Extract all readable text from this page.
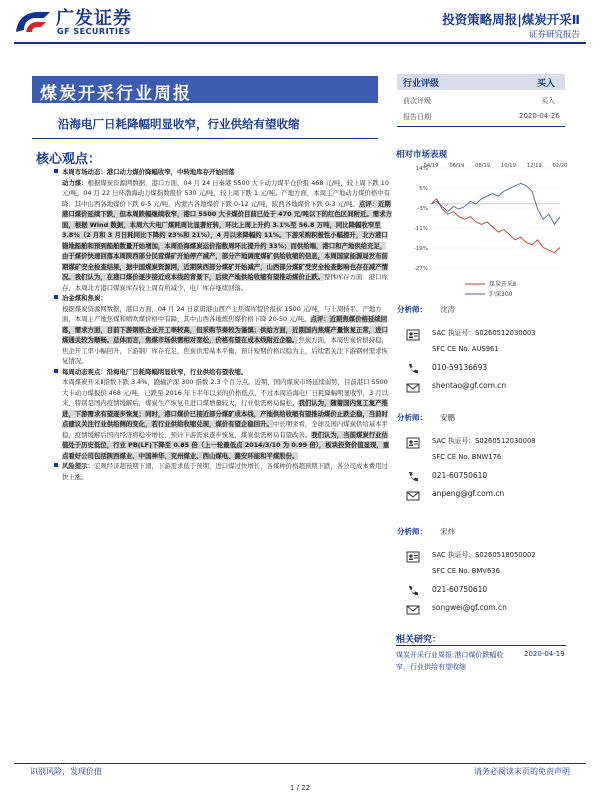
广发证券
GF SECURITIES
投资策略周报|煤炭开采Ⅱ
证券研究报告
煤炭开采行业周报
沿海电厂日耗降幅明显收窄，行业供给有望收缩
核心观点：
本周市场动态：港口动力煤价降幅收窄，中转地库存开始回落
动力煤：根据煤炭资源网数据，港口方面，04 月 24 日秦港 5500 大卡动力煤平仓价报 468 元/吨，较上周下跌 10 元/吨，04 月 22 日环渤海动力煤指数报价 530 元/吨，较上周下跌 1 元/吨。产地方面，本周主产地动力煤价格中有降；其中山西各地煤价下跌 0-5 元/吨，内蒙古各地煤价下跌 0-12 元/吨，陕西各地煤价下跌 0-3 元/吨。点评：近期港口煤价延续下跌，但本周跌幅继续收窄，港口 5500 大卡煤价目前已处于 470 元/吨以下的红色区间附近。需求方面，根据 Wind 数据，本周六大电厂煤耗周比显著好转，环比上周上升约 3.1%至 56.8 万吨，同比降幅收窄至 3.8%（2 月和 3 月日耗同比下降约 23%和 21%），4 月以来降幅约 11%。下游采购积极性小幅提升，北方港口锚地船舶和预到船舶数量开始增加，本周沿海煤炭运价指数周环比提升约 33%；而供给端，港口和产地供给充足，由于煤价快速回落本周陕西部分民营煤矿开始停产减产，部分产地调度煤矿供给收缩的信息，本周国家能源局发布前期煤矿安全检查结果，据中国煤炭资源网，近期陕西部分煤矿开始减产，山西部分煤矿受安全检查影响也存在减产情况。我们认为，在港口煤价逐步接近成本线的背景下，后续产地供给收缩有望推动煤价止跌。整体库存方面：港口库存，本周北方港口煤炭库存较上周有所减少，电厂库存继续回落。
冶金煤和焦炭：
根据煤炭资源网数据，港口方面，04 月 24 日京唐港山西产主焦煤库提价报价 1500 元/吨，与上周持平。产地方面，本周主产地焦煤和喷吹煤价格中有降，其中山西各地炼焦煤价格下降 20-50 元/吨。点评：近期焦煤价格延续回落，需求方面，目前下游钢铁企业开工率较高，但采购节奏较为谨慎；供给方面，近期国内焦煤产量恢复正常，进口煤通关较为顺畅。总体而言，焦煤市场供需相对宽松，价格有望在成本线附近企稳。焦炭方面，本周焦炭价格持稳，焦企开工率小幅回升，下游钢厂库存充足，焦炭供需基本平衡，预计短期价格以稳为主，后续需关注下游钢材需求恢复情况。
每周动态观点：沿海电厂日耗降幅明显收窄，行业供给有望收缩。
本周煤炭开采Ⅱ指数下跌 3.4%，跑输沪深 300 指数 2.3 个百分点。近期，国内煤炭市场延续弱势，目前港口 5500 大卡动力煤报价 468 元/吨，已跌至 2016 年下半年以来的价格低点，不过本周沿海电厂日耗降幅明显收窄，3 月以来，特别是国内疫情缓解后，煤炭生产恢复且进口煤增量较大，行业供需格局偏松。我们认为，随着国内复工复产推进，下游需求有望逐步恢复；同时，港口煤价已接近部分煤矿成本线，产地供给收缩有望推动煤价止跌企稳，当前时点建议关注行业供给侧的变化，若行业供给收缩兑现，煤价有望企稳回升。中长期来看，全球及国内煤炭供给基本平稳，疫情缓解后国内经济将稳步增长，预计下游需求逐步恢复，煤炭供需格局有望改善。我们认为，当前煤炭行业估值处于历史低位，行业 PB(LF)下降至 0.85 倍（上一轮最低点 2014/3/10 为 0.99 倍），板块投资价值显现，重点看好公司包括陕西煤业、中国神华、兖州煤业、西山煤电、潞安环能和平煤股份。
风险提示：宏观经济超预期下滑，下游需求低于预期，进口煤过快增长，各煤种价格超预期下跌，各公司成本费用过快上涨。
行业评级	买入
前次评级	买入
报告日期	2020-04-26
相对市场表现
14%
5%
-3%
-11%
-19%
-27%
04/19 06/19 08/19 10/19 12/19 02/20
煤炭开采Ⅱ
沪深300
分析师： 沈涛
SAC 执证号：S0260512030003
SFC CE No. AUS961
010-59136693
shentao@gf.com.cn
分析师： 安鹏
SAC 执证号：S0260512030008
SFC CE No. BNW176
021-60750610
anpeng@gf.com.cn
分析师： 宋炜
SAC 执证号：S0260518050002
SFC CE No. BMV636
021-60750610
songwei@gf.com.cn
相关研究：
煤炭开采行业周报:港口煤价跌幅收窄，行业供给有望收缩
2020-04-19
识别风险，发现价值	请务必阅读末页的免责声明
1 / 22
